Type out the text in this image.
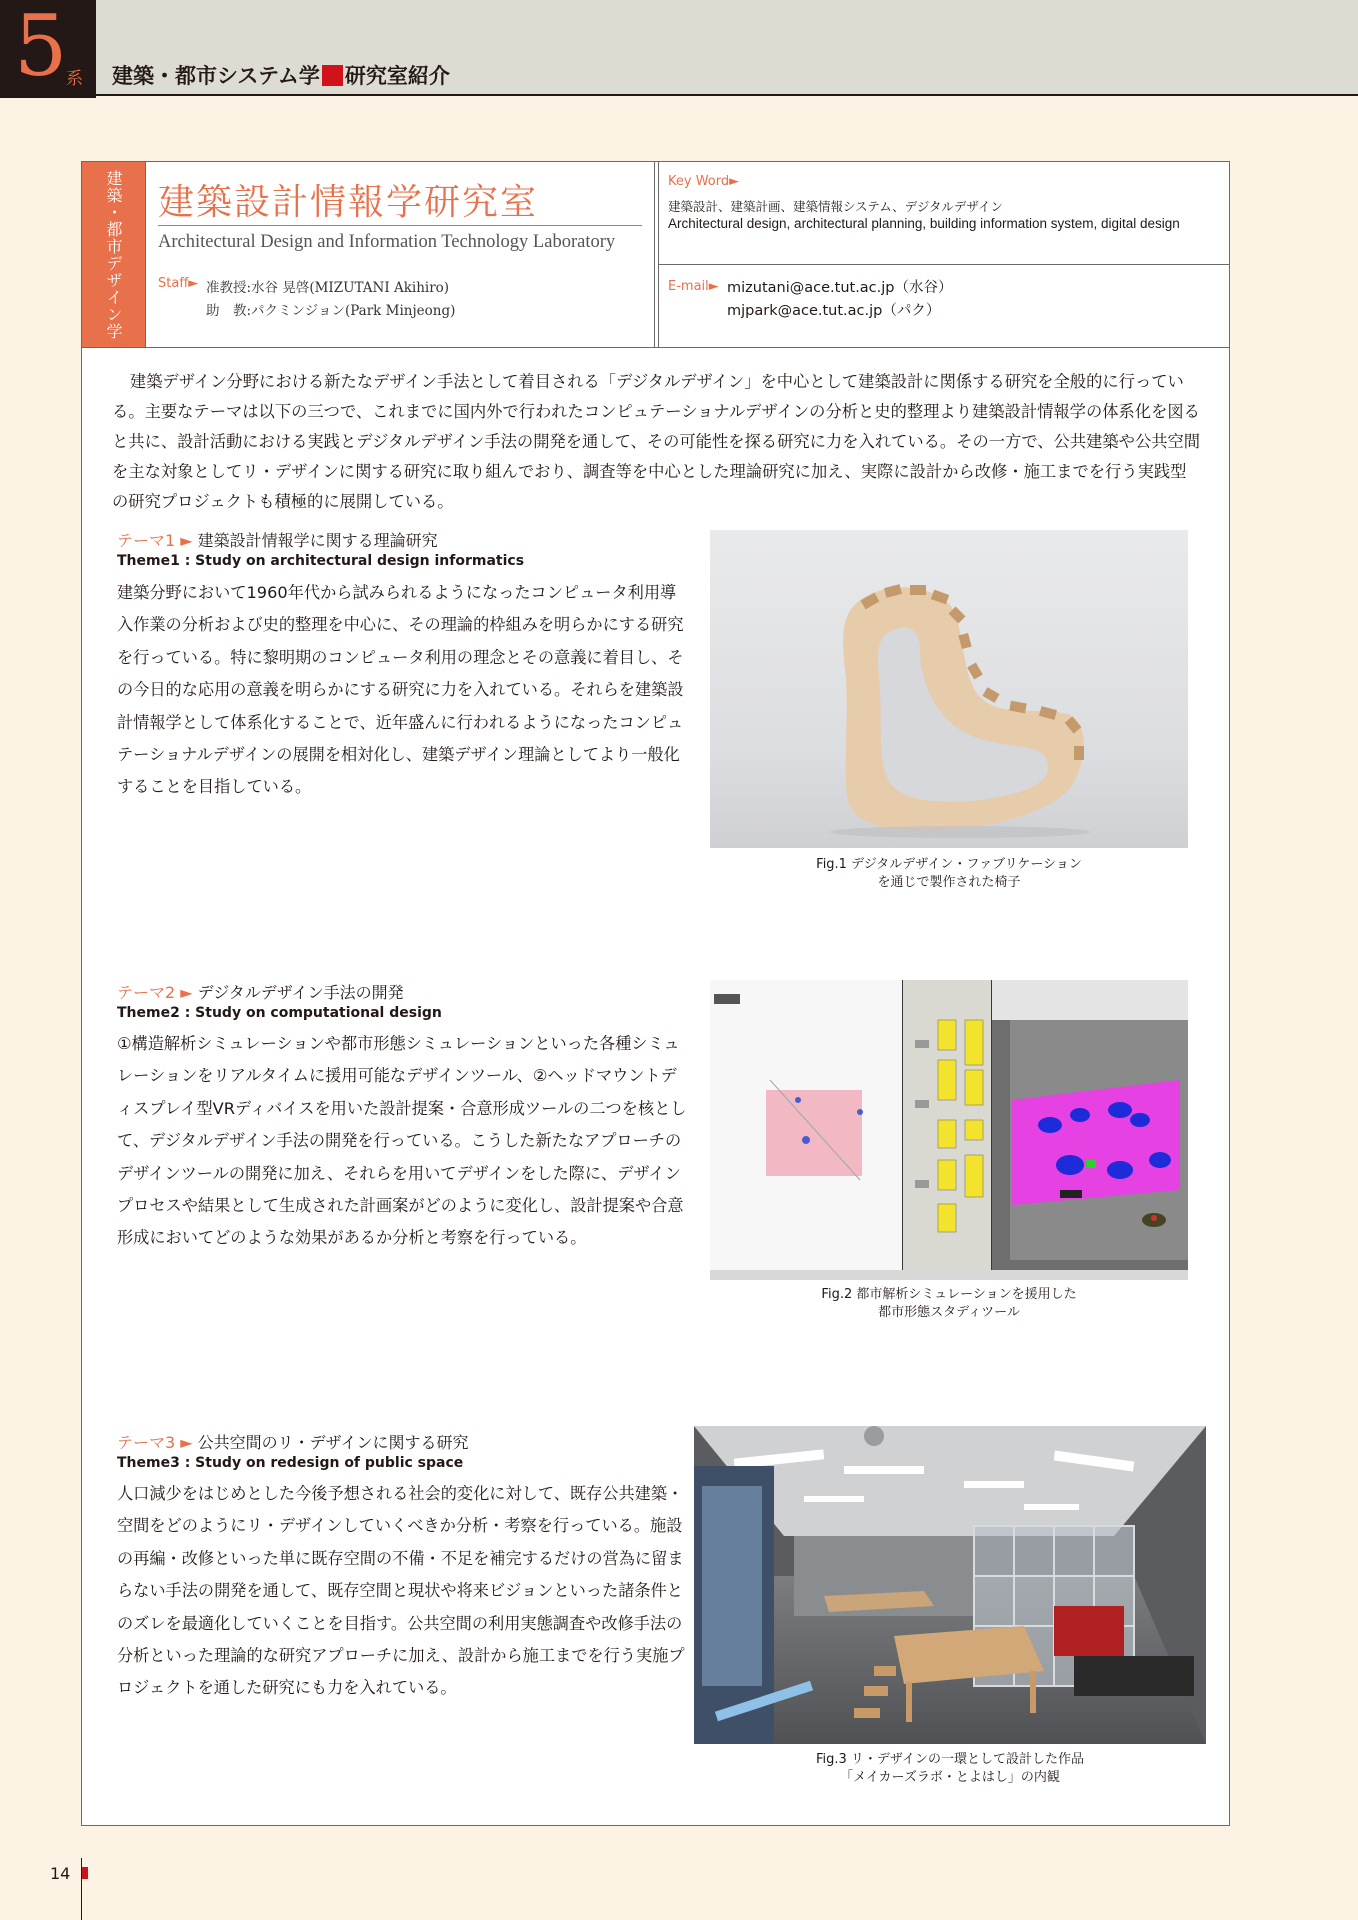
5
系 建築・都市システム学 研究室紹介
建築・都市デザイン学 建築設計情報学研究室
Architectural Design and Information Technology Laboratory
Staff► 准教授:水谷 晃啓(MIZUTANI Akihiro)
助　教:パクミンジョン(Park Minjeong)
Key Word►
建築設計、建築計画、建築情報システム、デジタルデザイン
Architectural design, architectural planning, building information system, digital design
E-mail► mizutani@ace.tut.ac.jp（水谷）
mjpark@ace.tut.ac.jp（パク）

建築デザイン分野における新たなデザイン手法として着目される「デジタルデザイン」を中心として建築設計に関係する研究を全般的に行っている。主要なテーマは以下の三つで、これまでに国内外で行われたコンピュテーショナルデザインの分析と史的整理より建築設計情報学の体系化を図ると共に、設計活動における実践とデジタルデザイン手法の開発を通して、その可能性を探る研究に力を入れている。その一方で、公共建築や公共空間を主な対象としてリ・デザインに関する研究に取り組んでおり、調査等を中心とした理論研究に加え、実際に設計から改修・施工までを行う実践型の研究プロジェクトも積極的に展開している。

テーマ1 ► 建築設計情報学に関する理論研究
Theme1 : Study on architectural design informatics

建築分野において1960年代から試みられるようになったコンピュータ利用導入作業の分析および史的整理を中心に、その理論的枠組みを明らかにする研究を行っている。特に黎明期のコンピュータ利用の理念とその意義に着目し、その今日的な応用の意義を明らかにする研究に力を入れている。それらを建築設計情報学として体系化することで、近年盛んに行われるようになったコンピュテーショナルデザインの展開を相対化し、建築デザイン理論としてより一般化することを目指している。

Fig.1 デジタルデザイン・ファブリケーション
を通じで製作された椅子
テーマ2 ► デジタルデザイン手法の開発
Theme2 : Study on computational design

①構造解析シミュレーションや都市形態シミュレーションといった各種シミュレーションをリアルタイムに援用可能なデザインツール、②ヘッドマウントディスプレイ型VRディバイスを用いた設計提案・合意形成ツールの二つを核として、デジタルデザイン手法の開発を行っている。こうした新たなアプローチのデザインツールの開発に加え、それらを用いてデザインをした際に、デザインプロセスや結果として生成された計画案がどのように変化し、設計提案や合意形成においてどのような効果があるか分析と考察を行っている。

Fig.2 都市解析シミュレーションを援用した
都市形態スタディツール
テーマ3 ► 公共空間のリ・デザインに関する研究
Theme3 : Study on redesign of public space

人口減少をはじめとした今後予想される社会的変化に対して、既存公共建築・空間をどのようにリ・デザインしていくべきか分析・考察を行っている。施設の再編・改修といった単に既存空間の不備・不足を補完するだけの営為に留まらない手法の開発を通して、既存空間と現状や将来ビジョンといった諸条件とのズレを最適化していくことを目指す。公共空間の利用実態調査や改修手法の分析といった理論的な研究アプローチに加え、設計から施工までを行う実施プロジェクトを通した研究にも力を入れている。

Fig.3 リ・デザインの一環として設計した作品
「メイカーズラボ・とよはし」の内観
14
